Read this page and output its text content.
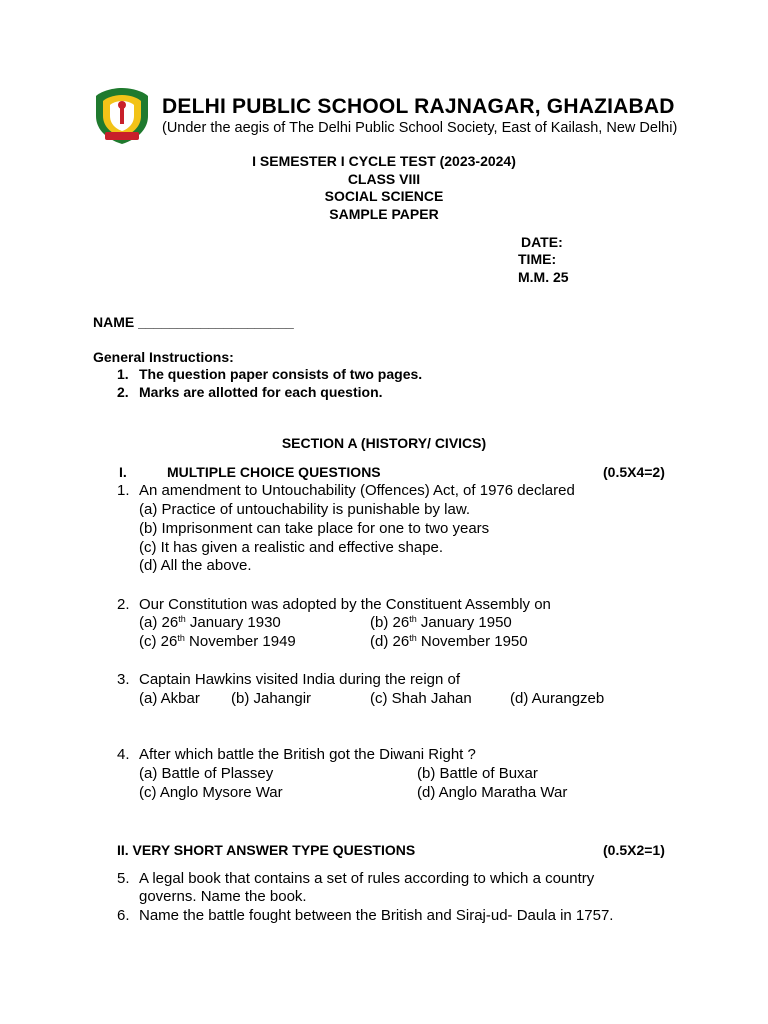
DELHI PUBLIC SCHOOL RAJNAGAR, GHAZIABAD
(Under the aegis of The Delhi Public School Society, East of Kailash, New Delhi)
I SEMESTER I CYCLE TEST (2023-2024)
CLASS VIII
SOCIAL SCIENCE
SAMPLE PAPER
DATE:
TIME:
M.M. 25
NAME ____________________
General Instructions:
1. The question paper consists of two pages.
2. Marks are allotted for each question.
SECTION A (HISTORY/ CIVICS)
I.	MULTIPLE CHOICE QUESTIONS	(0.5X4=2)
1. An amendment to Untouchability (Offences) Act, of 1976 declared
(a) Practice of untouchability is punishable by law.
(b) Imprisonment can take place for one to two years
(c) It has given a realistic and effective shape.
(d) All the above.
2. Our Constitution was adopted by the Constituent Assembly on
(a) 26th January 1930	(b) 26th January 1950
(c) 26th November 1949	(d) 26th November 1950
3. Captain Hawkins visited India during the reign of
(a) Akbar (b) Jahangir	(c) Shah Jahan	(d) Aurangzeb
4. After which battle the British got the Diwani Right ?
(a) Battle of Plassey	(b) Battle of Buxar
(c) Anglo Mysore War	(d) Anglo Maratha War
II. VERY SHORT ANSWER TYPE QUESTIONS	(0.5X2=1)
5. A legal book that contains a set of rules according to which a country
governs. Name the book.
6. Name the battle fought between the British and Siraj-ud- Daula in 1757.
